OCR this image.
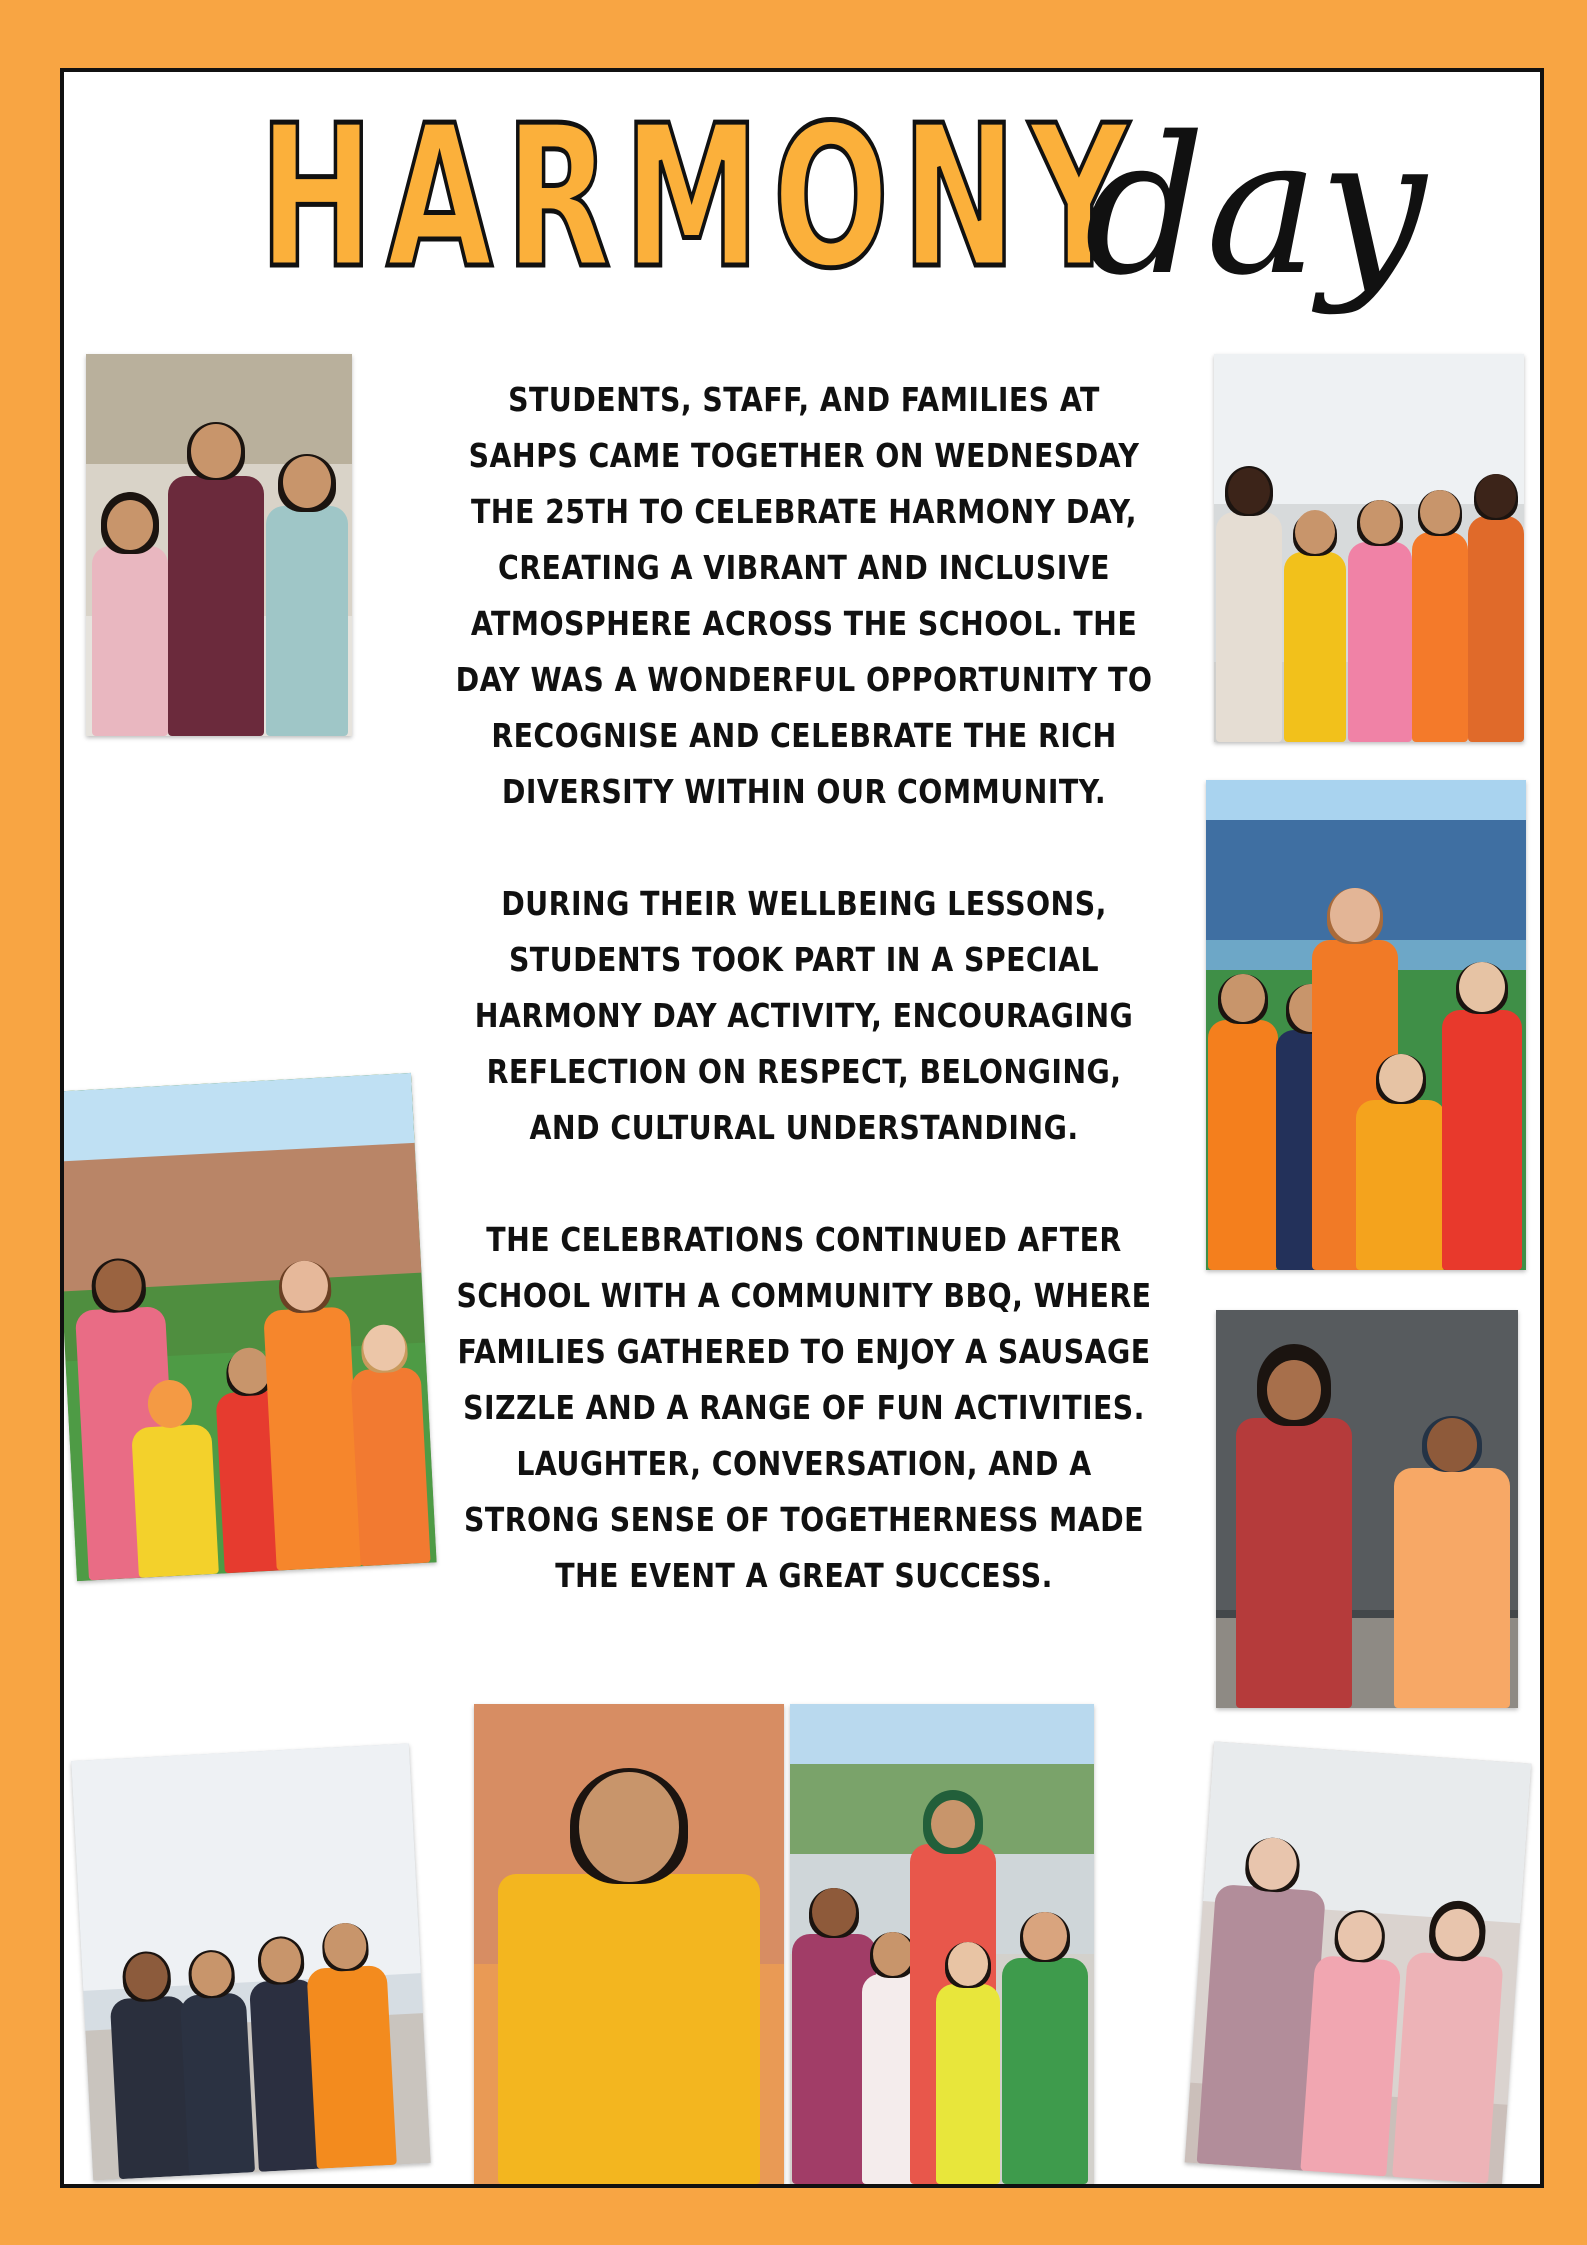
HARMONY
day

STUDENTS, STAFF, AND FAMILIES AT SAHPS CAME TOGETHER ON WEDNESDAY THE 25TH TO CELEBRATE HARMONY DAY, CREATING A VIBRANT AND INCLUSIVE ATMOSPHERE ACROSS THE SCHOOL. THE DAY WAS A WONDERFUL OPPORTUNITY TO RECOGNISE AND CELEBRATE THE RICH DIVERSITY WITHIN OUR COMMUNITY.

DURING THEIR WELLBEING LESSONS, STUDENTS TOOK PART IN A SPECIAL HARMONY DAY ACTIVITY, ENCOURAGING REFLECTION ON RESPECT, BELONGING, AND CULTURAL UNDERSTANDING.

THE CELEBRATIONS CONTINUED AFTER SCHOOL WITH A COMMUNITY BBQ, WHERE FAMILIES GATHERED TO ENJOY A SAUSAGE SIZZLE AND A RANGE OF FUN ACTIVITIES. LAUGHTER, CONVERSATION, AND A STRONG SENSE OF TOGETHERNESS MADE THE EVENT A GREAT SUCCESS.
